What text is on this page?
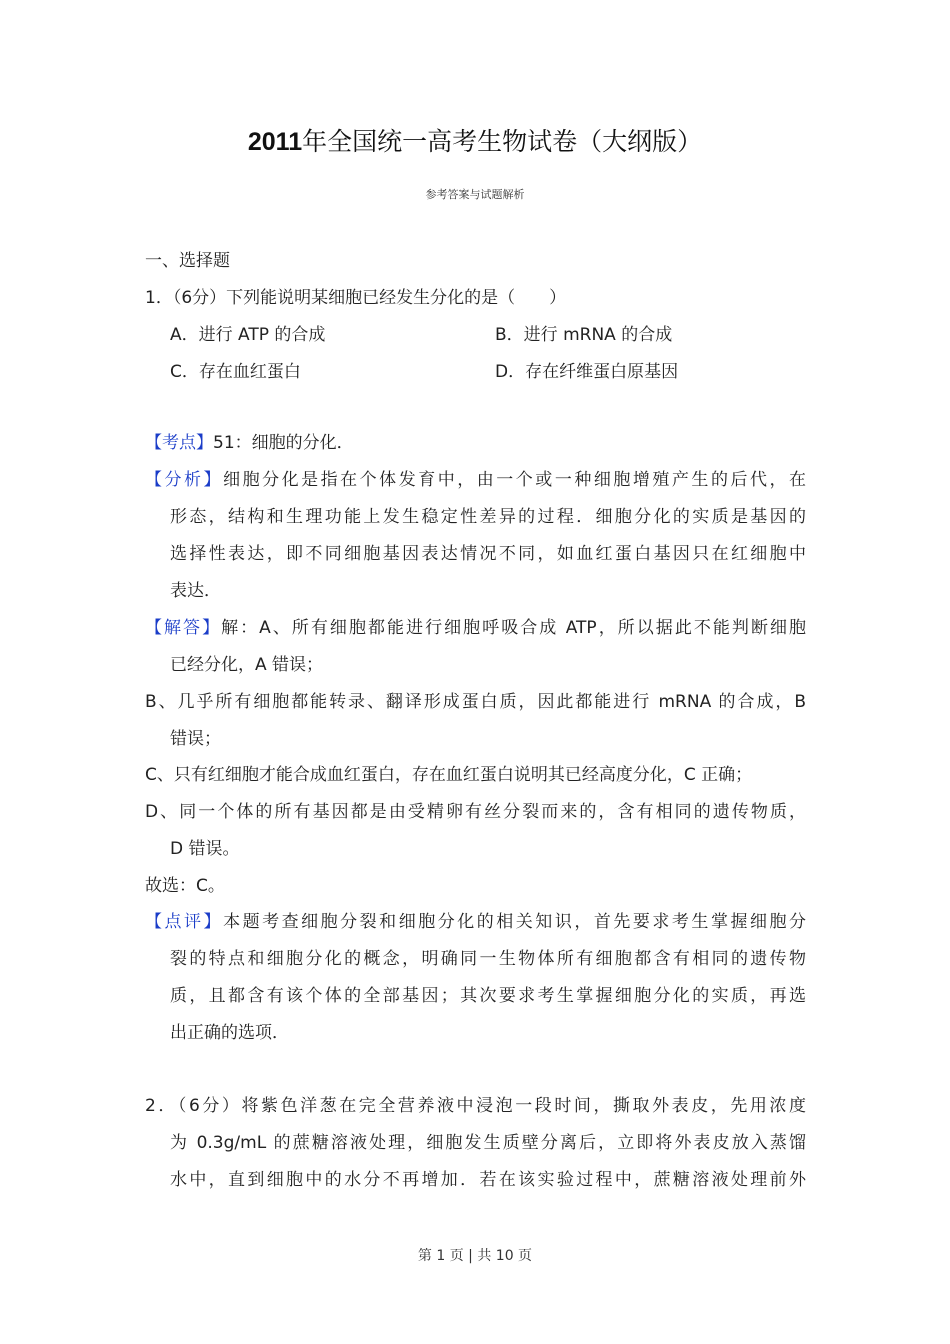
2011年全国统一高考生物试卷（大纲版）
参考答案与试题解析
一、选择题
1．（6分）下列能说明某细胞已经发生分化的是（　　）
A．进行 ATP 的合成	B．进行 mRNA 的合成
C．存在血红蛋白	D．存在纤维蛋白原基因
【考点】51：细胞的分化．
【分析】细胞分化是指在个体发育中，由一个或一种细胞增殖产生的后代，在
形态，结构和生理功能上发生稳定性差异的过程．细胞分化的实质是基因的
选择性表达，即不同细胞基因表达情况不同，如血红蛋白基因只在红细胞中
表达．
【解答】解：A、所有细胞都能进行细胞呼吸合成 ATP，所以据此不能判断细胞
已经分化，A 错误；
B、几乎所有细胞都能转录、翻译形成蛋白质，因此都能进行 mRNA 的合成，B
错误；
C、只有红细胞才能合成血红蛋白，存在血红蛋白说明其已经高度分化，C 正确；
D、同一个体的所有基因都是由受精卵有丝分裂而来的，含有相同的遗传物质，
D 错误。
故选：C。
【点评】本题考查细胞分裂和细胞分化的相关知识，首先要求考生掌握细胞分
裂的特点和细胞分化的概念，明确同一生物体所有细胞都含有相同的遗传物
质，且都含有该个体的全部基因；其次要求考生掌握细胞分化的实质，再选
出正确的选项．
2．（6分）将紫色洋葱在完全营养液中浸泡一段时间，撕取外表皮，先用浓度
为 0.3g/mL 的蔗糖溶液处理，细胞发生质壁分离后，立即将外表皮放入蒸馏
水中，直到细胞中的水分不再增加．若在该实验过程中，蔗糖溶液处理前外
第 1 页 | 共 10 页
